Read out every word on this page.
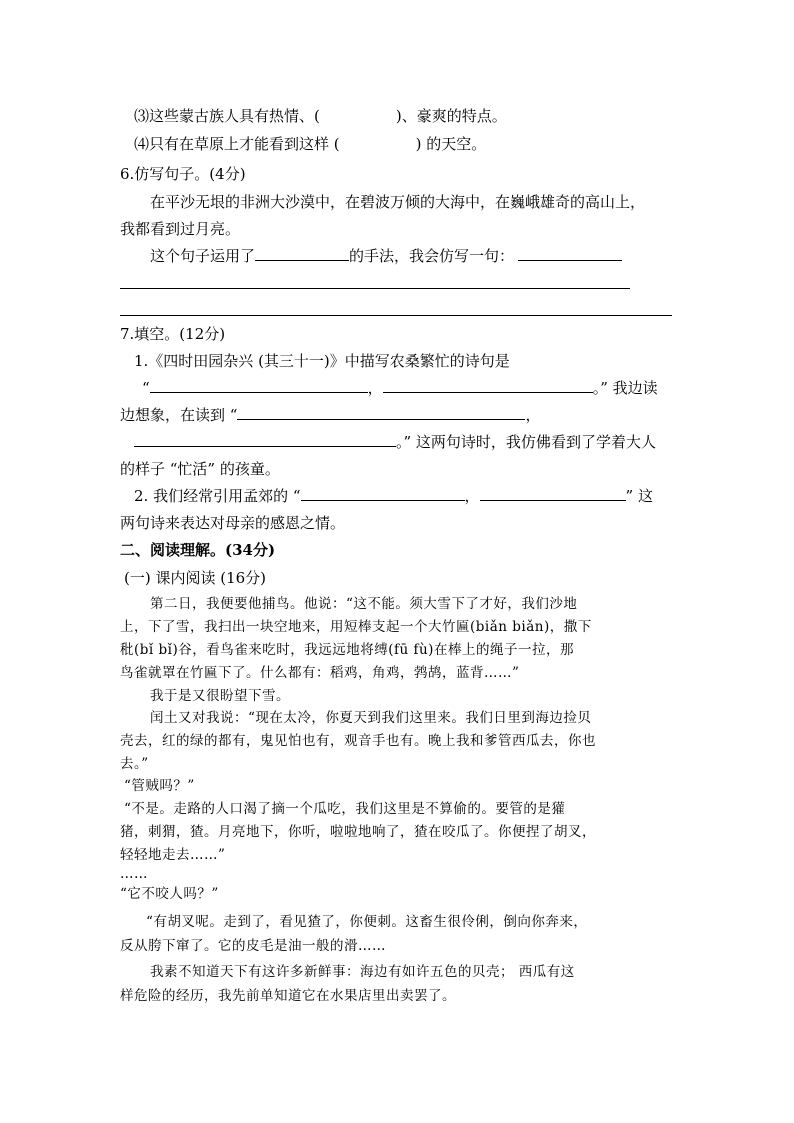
⑶这些蒙古族人具有热情、(	)、豪爽的特点。
⑷只有在草原上才能看到这样 (	) 的天空。
6.仿写句子。(4分)
在平沙无垠的非洲大沙漠中，在碧波万倾的大海中，在巍峨雄奇的高山上，
我都看到过月亮。
这个句子运用了	的手法，我会仿写一句：
7.填空。(12分)
1.《四时田园杂兴 (其三十一)》中描写农桑繁忙的诗句是
“	，	。” 我边读
边想象，在读到 “	，
。” 这两句诗时，我仿佛看到了学着大人
的样子 “忙活” 的孩童。
2. 我们经常引用孟郊的 “	，	” 这
两句诗来表达对母亲的感恩之情。
二、阅读理解。(34分)
(一) 课内阅读 (16分)
第二日，我便要他捕鸟。他说：“这不能。须大雪下了才好，我们沙地
上，下了雪，我扫出一块空地来，用短棒支起一个大竹匾(biǎn biǎn)，撒下
秕(bǐ bǐ)谷，看鸟雀来吃时，我远远地将缚(fū fù)在棒上的绳子一拉，那
鸟雀就罩在竹匾下了。什么都有：稻鸡，角鸡，鹁鸪，蓝背……”
我于是又很盼望下雪。
闰土又对我说：“现在太冷，你夏天到我们这里来。我们日里到海边捡贝
壳去，红的绿的都有，鬼见怕也有，观音手也有。晚上我和爹管西瓜去，你也
去。”
“管贼吗？”
“不是。走路的人口渴了摘一个瓜吃，我们这里是不算偷的。要管的是獾
猪，刺猬，猹。月亮地下，你听，啦啦地响了，猹在咬瓜了。你便捏了胡叉，
轻轻地走去……”
……
“它不咬人吗？”
“有胡叉呢。走到了，看见猹了，你便刺。这畜生很伶俐，倒向你奔来，
反从胯下窜了。它的皮毛是油一般的滑……
我素不知道天下有这许多新鲜事：海边有如许五色的贝壳； 西瓜有这
样危险的经历，我先前单知道它在水果店里出卖罢了。
